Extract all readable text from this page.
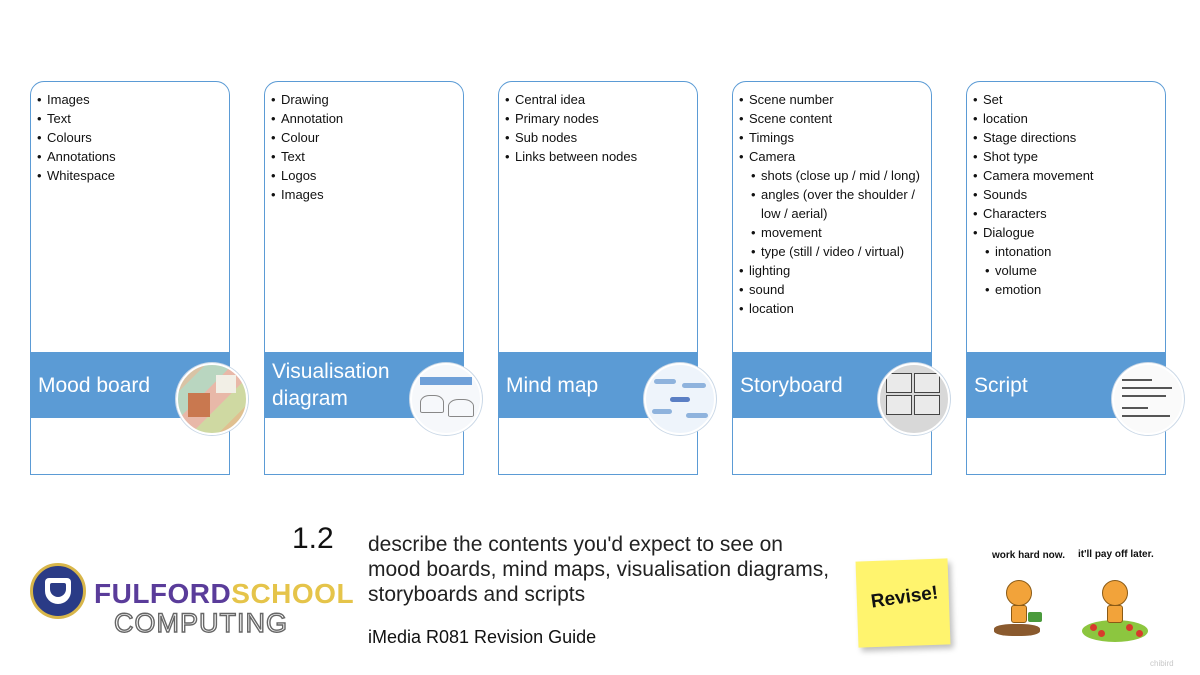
• Images
• Text
• Colours
• Annotations
• Whitespace
Mood board
• Drawing
• Annotation
• Colour
• Text
• Logos
• Images
Visualisation diagram
• Central idea
• Primary nodes
• Sub nodes
• Links between nodes
Mind map
• Scene number
• Scene content
• Timings
• Camera
• shots (close up / mid / long)
• angles (over the shoulder / low / aerial)
• movement
• type (still / video / virtual)
• lighting
• sound
• location
Storyboard
• Set
• location
• Stage directions
• Shot type
• Camera movement
• Sounds
• Characters
• Dialogue
• intonation
• volume
• emotion
Script
1.2 describe the contents you'd expect to see on mood boards, mind maps, visualisation diagrams, storyboards and scripts
iMedia R081 Revision Guide
FULFORDSCHOOL
COMPUTING
Revise!
work hard now. it'll pay off later.
chibird
